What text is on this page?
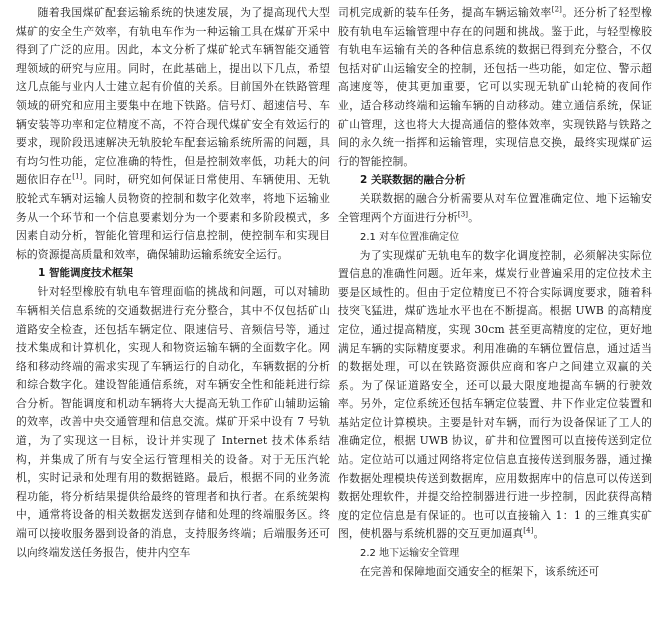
随着我国煤矿配套运输系统的快速发展，为了提高现代大型煤矿的安全生产效率，有轨电车作为一种运输工具在煤矿开采中得到了广泛的应用。因此，本文分析了煤矿轮式车辆智能交通管理领域的研究与应用。同时，在此基础上，提出以下几点，希望这几点能与业内人士建立起有价值的关系。目前国外在铁路管理领域的研究和应用主要集中在地下铁路。信号灯、超速信号、车辆安装等功率和定位精度不高，不符合现代煤矿安全有效运行的要求，现阶段迅速解决无轨胶轮车配套运输系统所需的问题，具有均匀性功能，定位准确的特性，但是控制效率低，功耗大的问题依旧存在[1]。同时，研究如何保证日常使用、车辆使用、无轨胶轮式车辆对运输人员物资的控制和数字化效率，将地下运输业务从一个环节和一个信息要素划分为一个要素和多阶段模式，多因素自动分析，智能化管理和运行信息控制，使控制车和实现目标的资源提高质量和效率，确保辅助运输系统安全运行。

1 智能调度技术框架

针对轻型橡胶有轨电车管理面临的挑战和问题，可以对辅助车辆相关信息系统的交通数据进行充分整合，其中不仅包括矿山道路安全检查，还包括车辆定位、限速信号、音频信号等，通过技术集成和计算机化，实现人和物资运输车辆的全面数字化。网络和移动终端的需求实现了车辆运行的自动化，车辆数据的分析和综合数字化。建设智能通信系统，对车辆安全性和能耗进行综合分析。智能调度和机动车辆将大大提高无轨工作矿山辅助运输的效率，改善中央交通管理和信息交流。煤矿开采中设有 7 号轨道，为了实现这一目标，设计并实现了 Internet 技术体系结构，并集成了所有与安全运行管理相关的设备。对于无压汽轮机，实时记录和处理有用的数据链路。最后，根据不同的业务流程功能，将分析结果提供给最终的管理者和执行者。在系统架构中，通常将设备的相关数据发送到存储和处理的终端服务区。终端可以接收服务器到设备的消息，支持服务终端；后端服务还可以向终端发送任务报告，使井内空车

司机完成新的装车任务，提高车辆运输效率[2]。还分析了轻型橡胶有轨电车运输管理中存在的问题和挑战。鉴于此，与轻型橡胶有轨电车运输有关的各种信息系统的数据已得到充分整合，不仅包括对矿山运输安全的控制，还包括一些功能，如定位、警示超高速度等，使其更加重要，它可以实现无轨矿山轮椅的夜间作业，适合移动终端和运输车辆的自动移动。建立通信系统，保证矿山管理，这也将大大提高通信的整体效率，实现铁路与铁路之间的永久统一指挥和运输管理，实现信息交换，最终实现煤矿运行的智能控制。

2 关联数据的融合分析

关联数据的融合分析需要从对车位置准确定位、地下运输安全管理两个方面进行分析[3]。

2.1 对车位置准确定位

为了实现煤矿无轨电车的数字化调度控制，必须解决实际位置信息的准确性问题。近年来，煤炭行业普遍采用的定位技术主要是区域性的。但由于定位精度已不符合实际调度要求，随着科技突飞猛进，煤矿选址水平也在不断提高。根据 UWB 的高精度定位，通过提高精度，实现 30cm 甚至更高精度的定位，更好地满足车辆的实际精度要求。利用准确的车辆位置信息，通过适当的数据处理，可以在铁路资源供应商和客户之间建立双赢的关系。为了保证道路安全，还可以最大限度地提高车辆的行驶效率。另外，定位系统还包括车辆定位装置、井下作业定位装置和基站定位计算模块。主要是针对车辆，而行为设备保证了工人的准确定位，根据 UWB 协议，矿井和位置图可以直接传送到定位站。定位站可以通过网络将定位信息直接传送到服务器，通过操作数据处理模块传送到数据库，应用数据库中的信息可以传送到数据处理软件，并提交给控制器进行进一步控制，因此获得高精度的定位信息是有保证的。也可以直接输入 1：1 的三维真实矿图，使机器与系统机器的交互更加逼真[4]。

2.2 地下运输安全管理

在完善和保障地面交通安全的框架下，该系统还可
